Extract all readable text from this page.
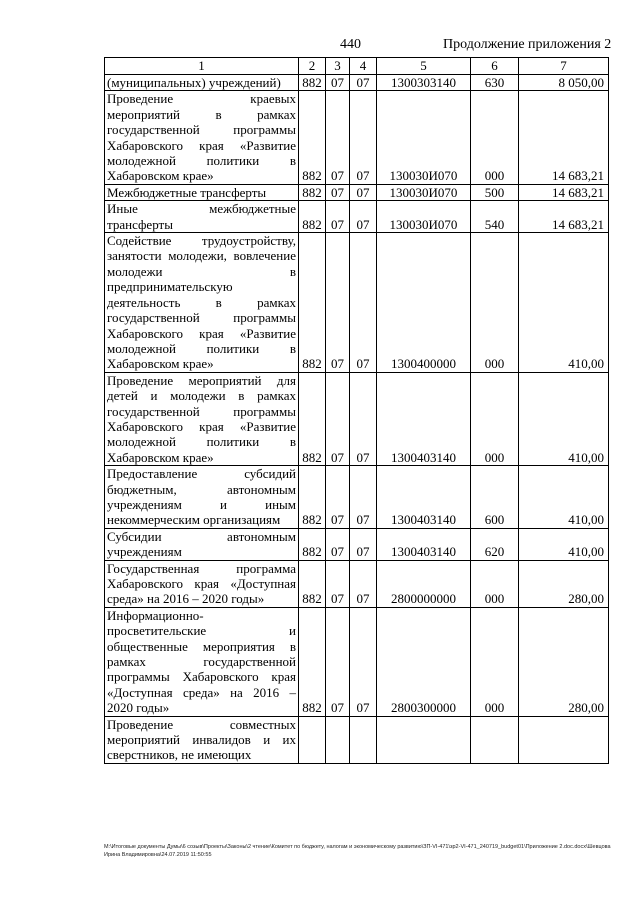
440	Продолжение приложения 2
1	2	3	4	5	6	7
(муниципальных) учреждений)	882	07	07	1300303140	630	8 050,00
Проведение краевых мероприятий в рамках государственной программы Хабаровского края «Развитие молодежной политики в Хабаровском крае»	882	07	07	130030И070	000	14 683,21
Межбюджетные трансферты	882	07	07	130030И070	500	14 683,21
Иные межбюджетные трансферты	882	07	07	130030И070	540	14 683,21
Содействие трудоустройству, занятости молодежи, вовлечение молодежи в предпринимательскую деятельность в рамках государственной программы Хабаровского края «Развитие молодежной политики в Хабаровском крае»	882	07	07	1300400000	000	410,00
Проведение мероприятий для детей и молодежи в рамках государственной программы Хабаровского края «Развитие молодежной политики в Хабаровском крае»	882	07	07	1300403140	000	410,00
Предоставление субсидий бюджетным, автономным учреждениям и иным некоммерческим организациям	882	07	07	1300403140	600	410,00
Субсидии автономным учреждениям	882	07	07	1300403140	620	410,00
Государственная программа Хабаровского края «Доступная среда» на 2016 – 2020 годы»	882	07	07	2800000000	000	280,00
Информационно-просветительские и общественные мероприятия в рамках государственной программы Хабаровского края «Доступная среда» на 2016 – 2020 годы»	882	07	07	2800300000	000	280,00
Проведение совместных мероприятий инвалидов и их сверстников, не имеющих						
M:\Итоговые документы Думы\6 созыв\Проекты\Законы\2 чтение\Комитет по бюджету, налогам и экономическому развитию\ЗП-VI-471\зр2-VI-471_240719_budget01\Приложение 2.doc.docx\Шевцова Ирина Владимировна\24.07.2019 11:50:55
